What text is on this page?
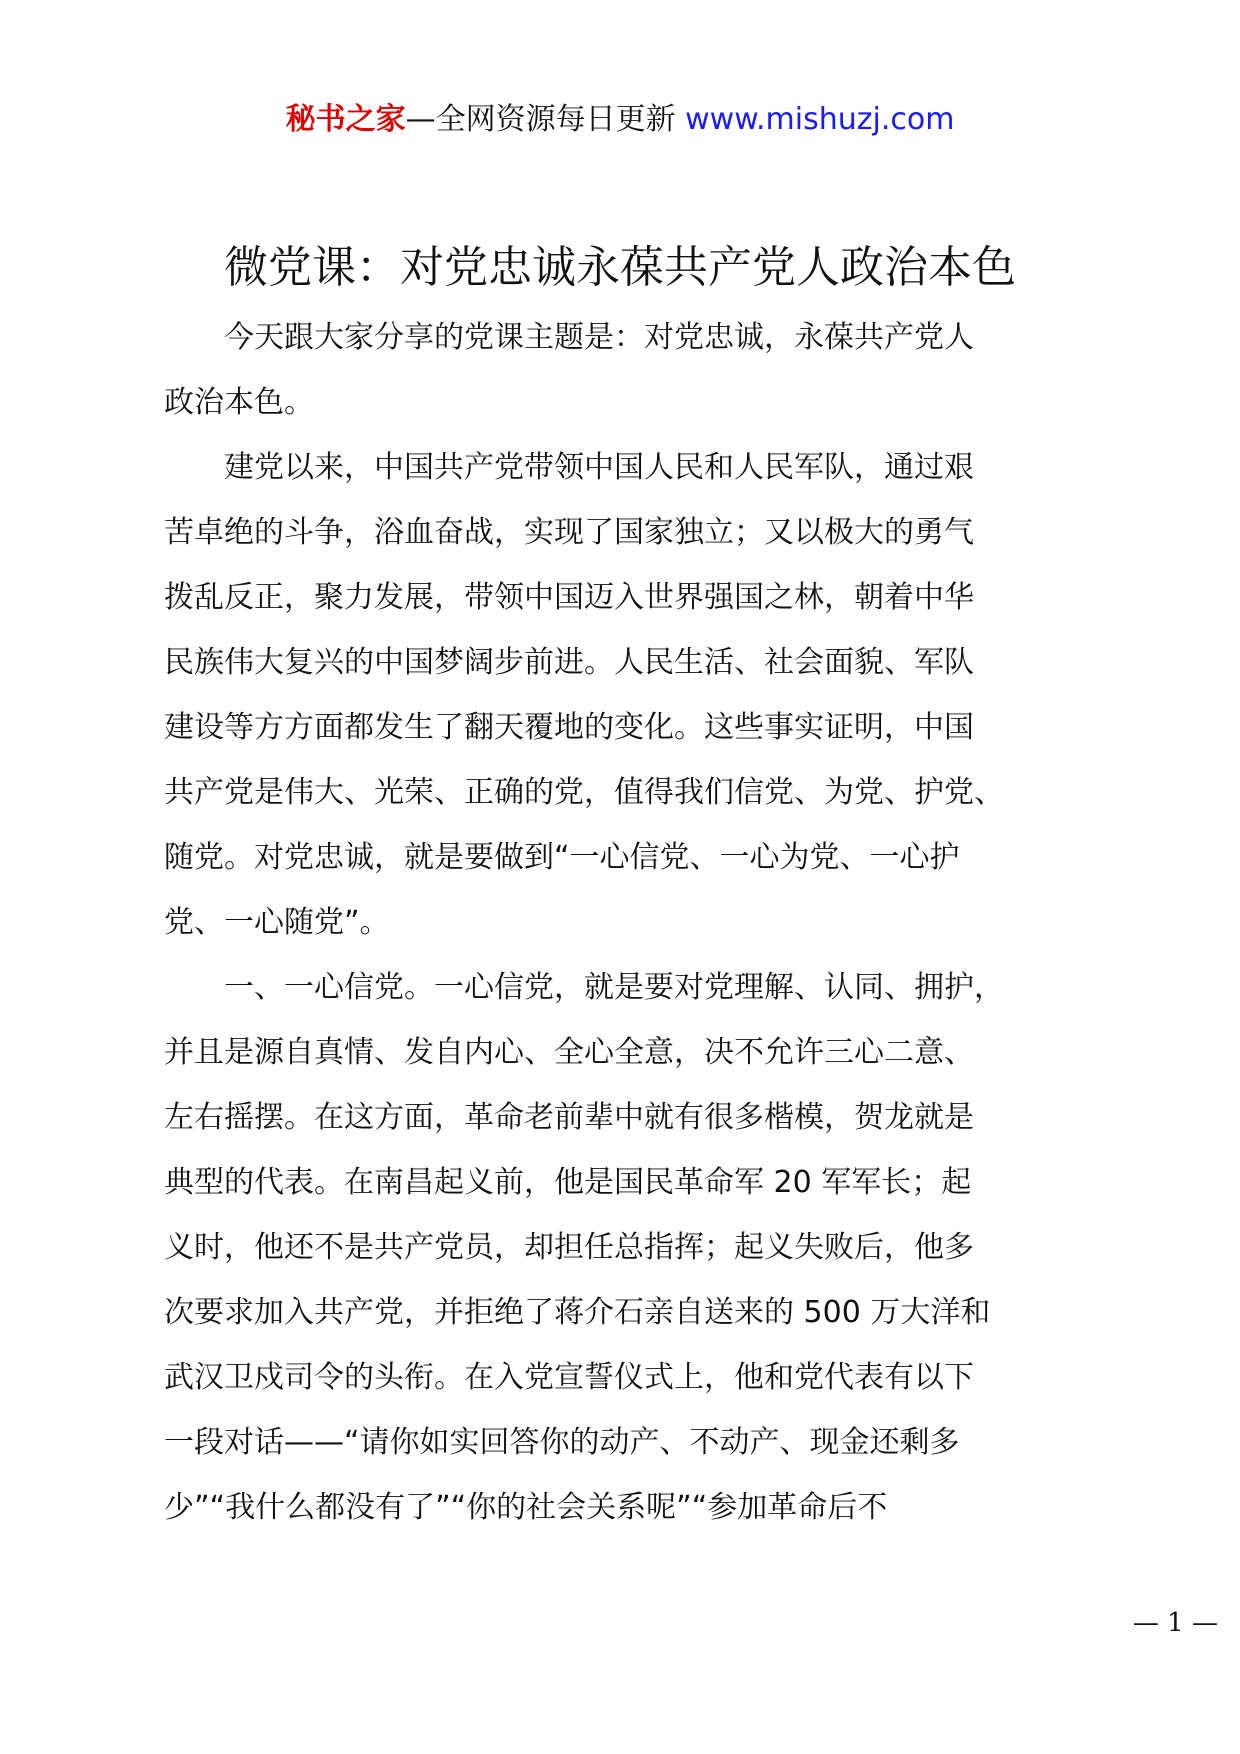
秘书之家—全网资源每日更新 www.mishuzj.com
微党课：对党忠诚永葆共产党人政治本色

　　今天跟大家分享的党课主题是：对党忠诚，永葆共产党人

政治本色。

　　建党以来，中国共产党带领中国人民和人民军队，通过艰

苦卓绝的斗争，浴血奋战，实现了国家独立；又以极大的勇气

拨乱反正，聚力发展，带领中国迈入世界强国之林，朝着中华

民族伟大复兴的中国梦阔步前进。人民生活、社会面貌、军队

建设等方方面都发生了翻天覆地的变化。这些事实证明，中国

共产党是伟大、光荣、正确的党，值得我们信党、为党、护党、

随党。对党忠诚，就是要做到“一心信党、一心为党、一心护

党、一心随党”。

　　一、一心信党。一心信党，就是要对党理解、认同、拥护，

并且是源自真情、发自内心、全心全意，决不允许三心二意、

左右摇摆。在这方面，革命老前辈中就有很多楷模，贺龙就是

典型的代表。在南昌起义前，他是国民革命军 20 军军长；起

义时，他还不是共产党员，却担任总指挥；起义失败后，他多

次要求加入共产党，并拒绝了蒋介石亲自送来的 500 万大洋和

武汉卫戍司令的头衔。在入党宣誓仪式上，他和党代表有以下

一段对话——“请你如实回答你的动产、不动产、现金还剩多

少”“我什么都没有了”“你的社会关系呢”“参加革命后不

— 1 —
